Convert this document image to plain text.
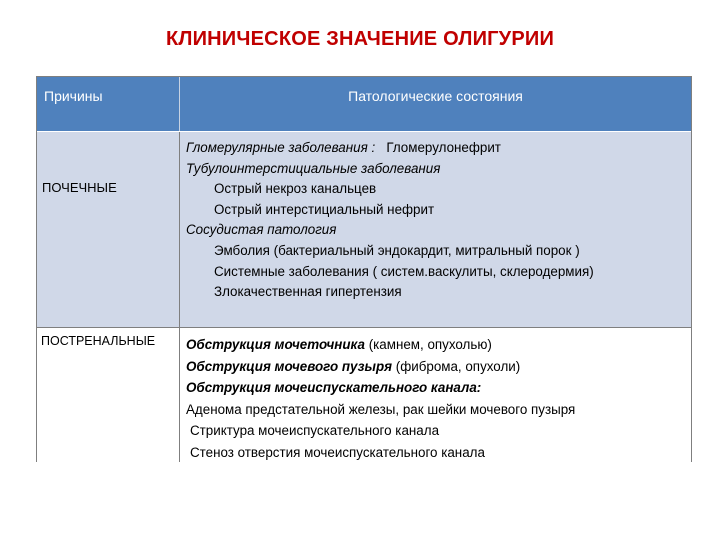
КЛИНИЧЕСКОЕ ЗНАЧЕНИЕ ОЛИГУРИИ
Причины	Патологические состояния
ПОЧЕЧНЫЕ
Гломерулярные заболевания : Гломерулонефрит
Тубулоинтерстициальные заболевания
Острый некроз канальцев
Острый интерстициальный нефрит
Сосудистая патология
Эмболия (бактериальный эндокардит, митральный порок )
Системные заболевания ( систем.васкулиты, склеродермия)
Злокачественная гипертензия
ПОСТРЕНАЛЬНЫЕ Обструкция мочеточника (камнем, опухолью)
Обструкция мочевого пузыря (фиброма, опухоли)
Обструкция мочеиспускательного канала:
Аденома предстательной железы, рак шейки мочевого пузыря
Стриктура мочеиспускательного канала
Стеноз отверстия мочеиспускательного канала
